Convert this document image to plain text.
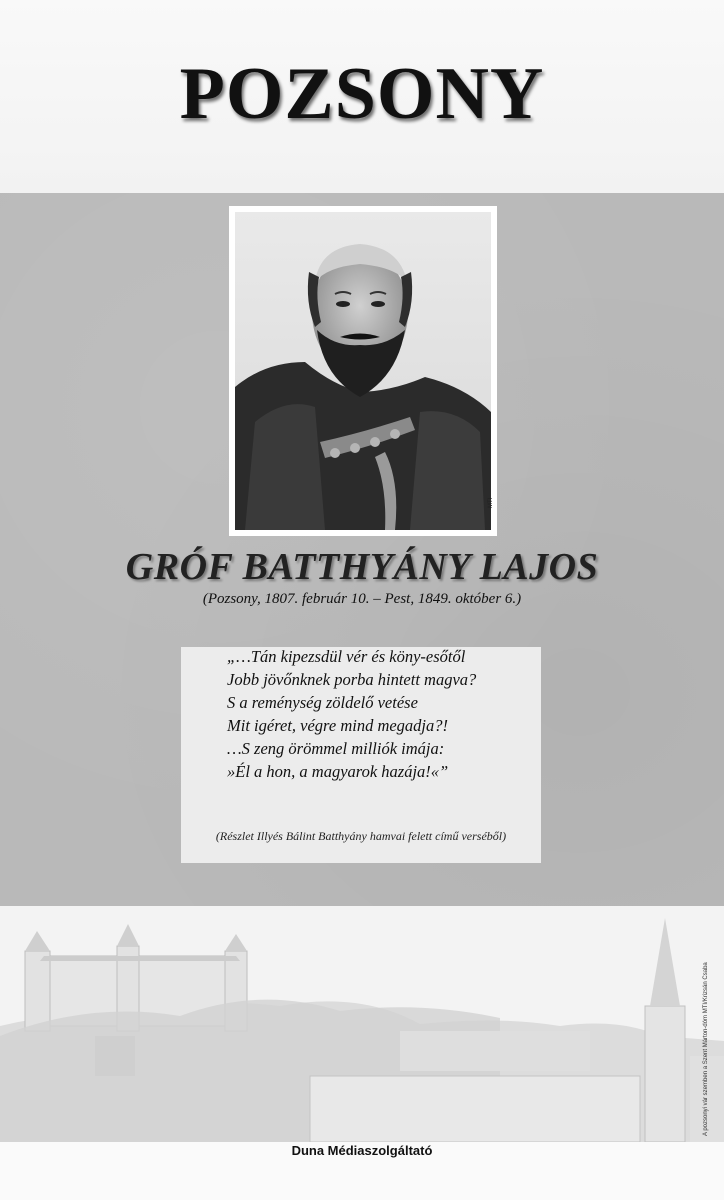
POZSONY
MTI
GRÓF BATTHYÁNY LAJOS
(Pozsony, 1807. február 10. – Pest, 1849. október 6.)
„…Tán kipezsdül vér és köny-esőtől
Jobb jövőnknek porba hintett magva?
S a reménység zöldelő vetése
Mit igéret, végre mind megadja?!
…S zeng örömmel milliók imája:
»Él a hon, a magyarok hazája!«”
(Részlet Illyés Bálint Batthyány hamvai felett című verséből)
A pozsonyi vár szemben a Szent Márton-dóm MTI/Krizsán Csaba
Duna Médiaszolgáltató
